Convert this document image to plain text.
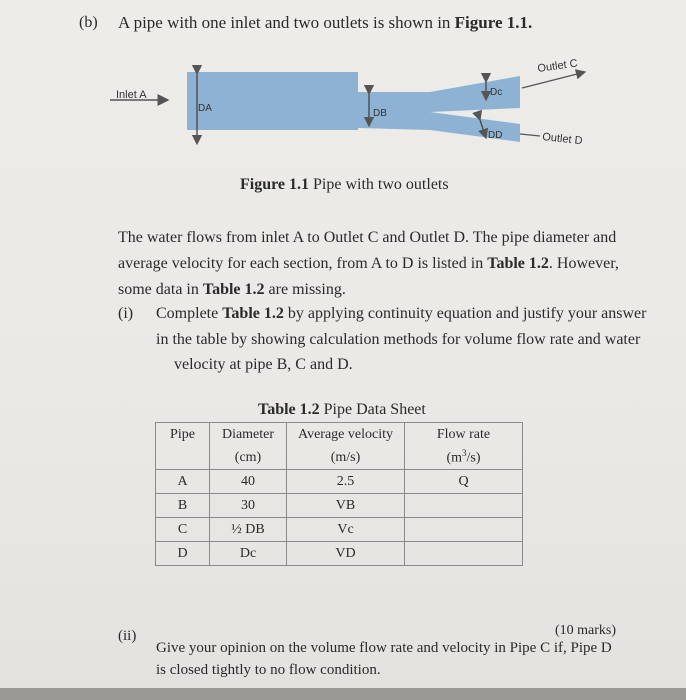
(b) A pipe with one inlet and two outlets is shown in Figure 1.1.
Inlet A
DA	DB
Dc
DD
Outlet C
Outlet D
Figure 1.1 Pipe with two outlets
The water flows from inlet A to Outlet C and Outlet D. The pipe diameter and
average velocity for each section, from A to D is listed in Table 1.2. However,
some data in Table 1.2 are missing.
(i) Complete Table 1.2 by applying continuity equation and justify your answer
in the table by showing calculation methods for volume flow rate and water
velocity at pipe B, C and D.
Table 1.2 Pipe Data Sheet
Pipe	Diameter	Average velocity	Flow rate
	(cm)	(m/s)	$(m^3/s)$
A	40	2.5	Q
B	30	VB	
C	½ DB	Vc	
D	Dc	VD	
(10 marks)
(ii)
Give your opinion on the volume flow rate and velocity in Pipe C if, Pipe D
is closed tightly to no flow condition.
